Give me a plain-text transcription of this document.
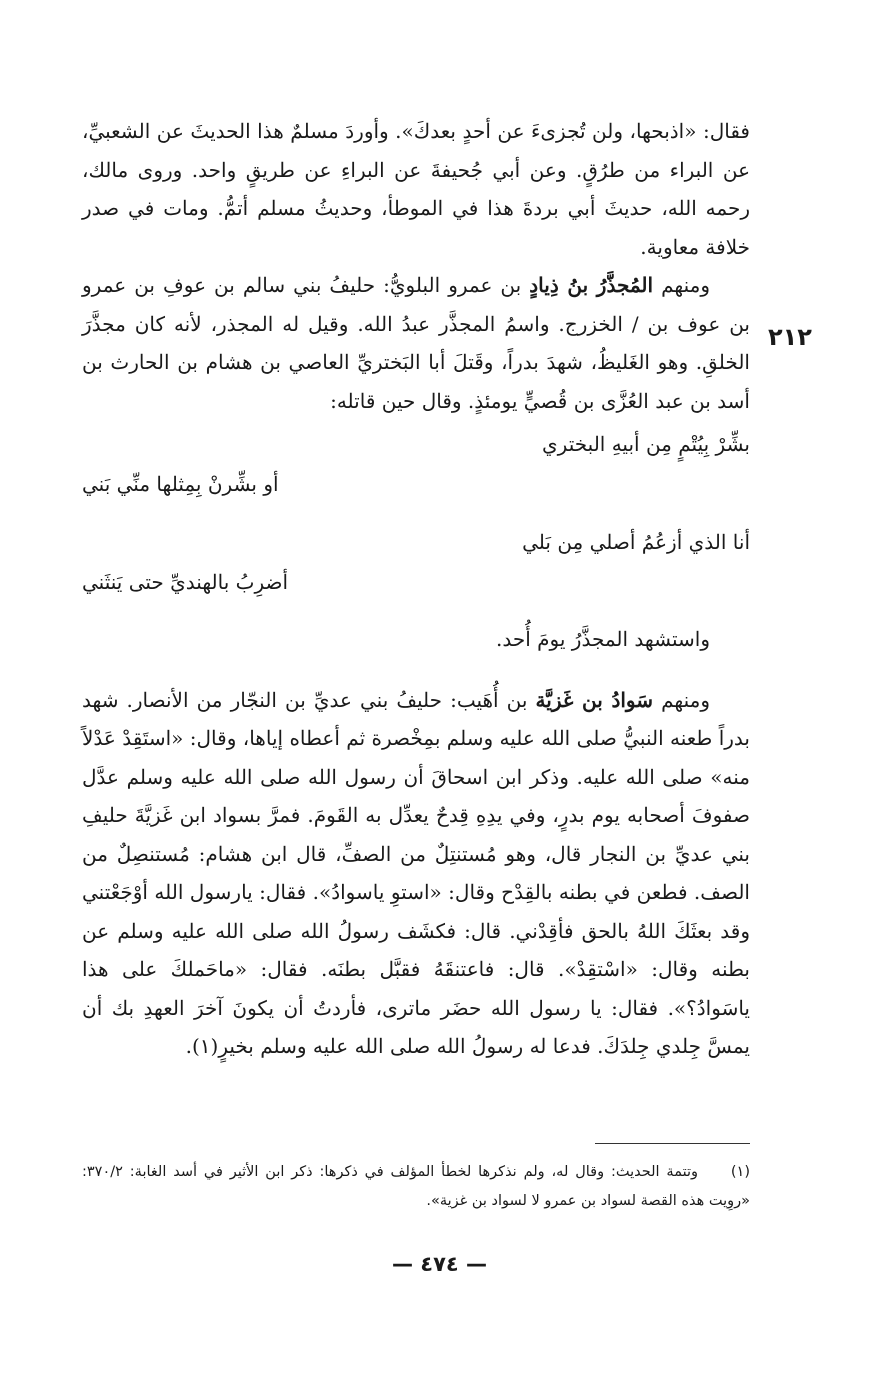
٢١٢

فقال: «اذبحها، ولن تُجزىءَ عن أحدٍ بعدكَ». وأوردَ مسلمٌ هذا الحديثَ عن الشعبيِّ، عن البراء من طرُقٍ. وعن أبي جُحيفةَ عن البراءِ عن طريقٍ واحد. وروى مالك، رحمه الله، حديثَ أبي بردةَ هذا في الموطأ، وحديثُ مسلم أتمُّ. ومات في صدر خلافة معاوية.

ومنهم المُجذَّرُ بنُ ذِيادٍ بن عمرو البلويُّ: حليفُ بني سالم بن عوفِ بن عمرو بن عوف بن / الخزرج. واسمُ المجذَّر عبدُ الله. وقيل له المجذر، لأنه كان مجذَّرَ الخلقِ. وهو الغَليظُ، شهدَ بدراً، وقَتلَ أبا البَختريِّ العاصي بن هشام بن الحارث بن أسد بن عبد العُزَّى بن قُصيٍّ يومئذٍ. وقال حين قاتله:

بشِّرْ بِيُتْمٍ مِن أبيهِ البختري
أو بشِّرنْ بِمِثلها منِّي بَني
أنا الذي أزعُمُ أصلي مِن بَلي
أضرِبُ بالهنديِّ حتى يَنثَني

واستشهد المجذَّرُ يومَ أُحد.

ومنهم سَوادُ بن غَزيَّة بن أُهَيب: حليفُ بني عديِّ بن النجّار من الأنصار. شهد بدراً طعنه النبيُّ صلى الله عليه وسلم بمِخْصرة ثم أعطاه إياها، وقال: «استَقِدْ عَدْلاً منه» صلى الله عليه. وذكر ابن اسحاقَ أن رسول الله صلى الله عليه وسلم عدَّل صفوفَ أصحابه يوم بدرٍ، وفي يدِهِ قِدحٌ يعدِّل به القَومَ. فمرَّ بسواد ابن غَزيَّةَ حليفِ بني عديِّ بن النجار قال، وهو مُستنتِلٌ من الصفِّ، قال ابن هشام: مُستنصِلٌ من الصف. فطعن في بطنه بالقِدْح وقال: «استوِ ياسوادُ». فقال: يارسول الله أوْجَعْتني وقد بعثَكَ اللهُ بالحق فأقِدْني. قال: فكشَف رسولُ الله صلى الله عليه وسلم عن بطنه وقال: «اسْتقِدْ». قال: فاعتنقَهُ فقبَّل بطنَه. فقال: «ماحَملكَ على هذا ياسَوادُ؟». فقال: يا رسول الله حضَر ماترى، فأردتُ أن يكونَ آخرَ العهدِ بك أن يمسَّ جِلدي جِلدَكَ. فدعا له رسولُ الله صلى الله عليه وسلم بخيرٍ(١).

(١) وتتمة الحديث: وقال له، ولم نذكرها لخطأ المؤلف في ذكرها: ذكر ابن الأثير في أسد الغابة: ٣٧٠/٢: «روِيت هذه القصة لسواد بن عمرو لا لسواد بن غزية».
— ٤٧٤ —
